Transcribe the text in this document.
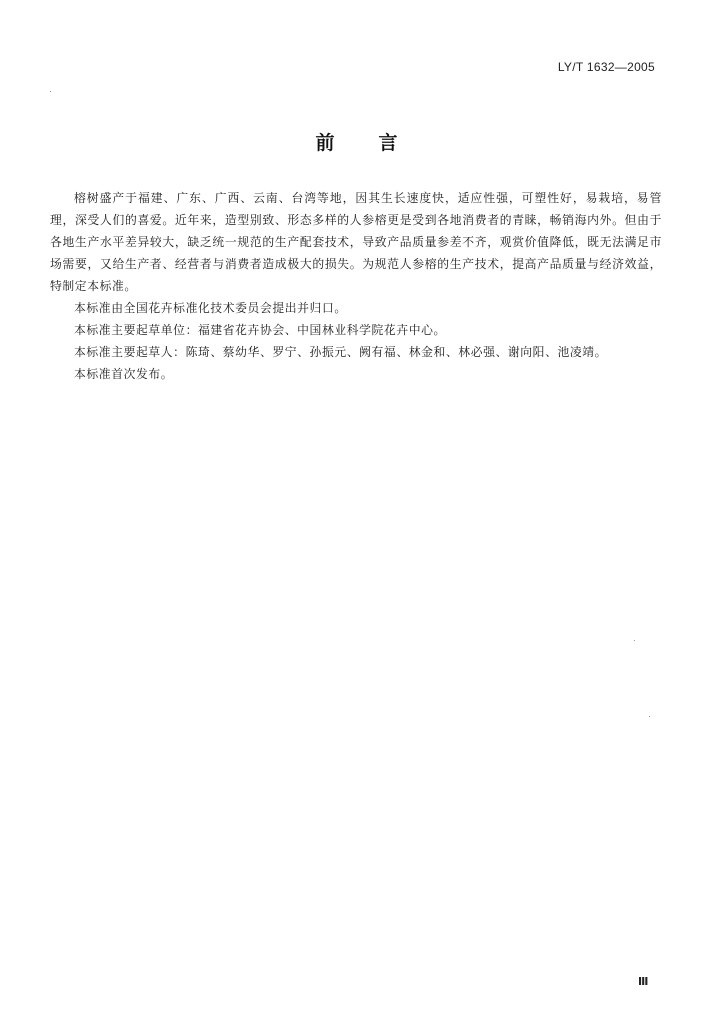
LY/T 1632—2005
前 言

榕树盛产于福建、广东、广西、云南、台湾等地，因其生长速度快，适应性强，可塑性好，易栽培，易管理，深受人们的喜爱。近年来，造型别致、形态多样的人参榕更是受到各地消费者的青睐，畅销海内外。但由于各地生产水平差异较大，缺乏统一规范的生产配套技术，导致产品质量参差不齐，观赏价值降低，既无法满足市场需要，又给生产者、经营者与消费者造成极大的损失。为规范人参榕的生产技术，提高产品质量与经济效益，特制定本标准。

本标准由全国花卉标准化技术委员会提出并归口。

本标准主要起草单位：福建省花卉协会、中国林业科学院花卉中心。

本标准主要起草人：陈琦、蔡幼华、罗宁、孙振元、阙有福、林金和、林必强、谢向阳、池凌靖。

本标准首次发布。

Ⅲ
